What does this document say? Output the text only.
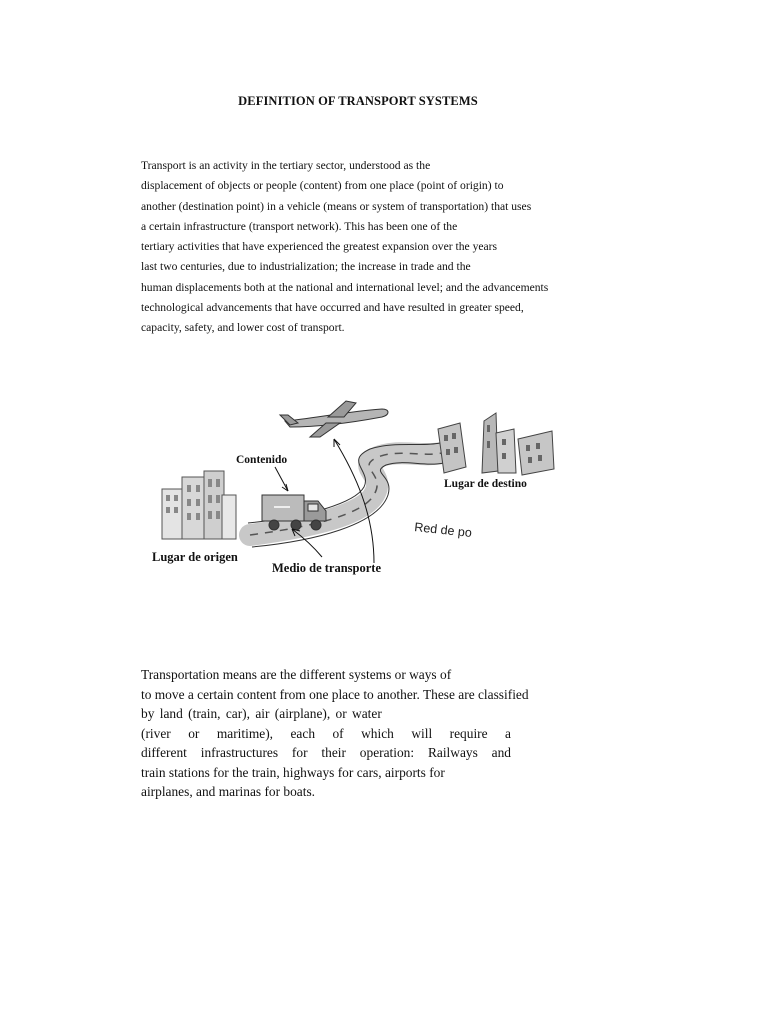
DEFINITION OF TRANSPORT SYSTEMS
Transport is an activity in the tertiary sector, understood as the
displacement of objects or people (content) from one place (point of origin) to
another (destination point) in a vehicle (means or system of transportation) that uses
a certain infrastructure (transport network). This has been one of the
tertiary activities that have experienced the greatest expansion over the years
last two centuries, due to industrialization; the increase in trade and the
human displacements both at the national and international level; and the advancements
technological advancements that have occurred and have resulted in greater speed,
capacity, safety, and lower cost of transport.
Contenido
Lugar de destino
Lugar de origen
Medio de transporte
Red de po
Transportation means are the different systems or ways of
to move a certain content from one place to another. These are classified
by land (train, car), air (airplane), or water
(river or maritime), each of which will require a
different infrastructures for their operation: Railways and
train stations for the train, highways for cars, airports for
airplanes, and marinas for boats.
